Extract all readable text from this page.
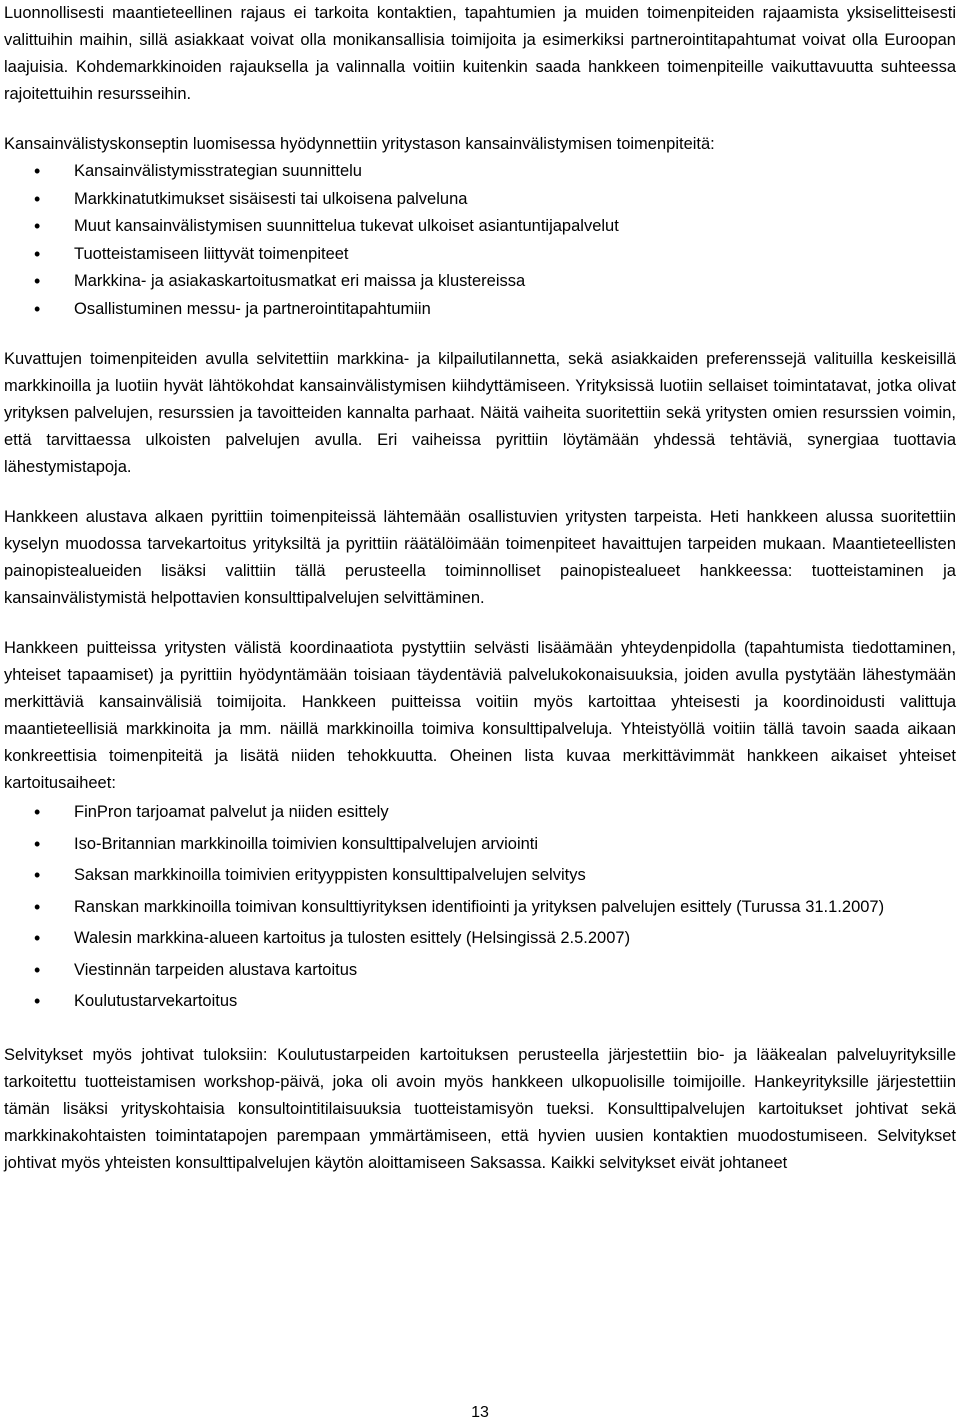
Luonnollisesti maantieteellinen rajaus ei tarkoita kontaktien, tapahtumien ja muiden toimenpiteiden rajaamista yksiselitteisesti valittuihin maihin, sillä asiakkaat voivat olla monikansallisia toimijoita ja esimerkiksi partnerointitapahtumat voivat olla Euroopan laajuisia. Kohdemarkkinoiden rajauksella ja valinnalla voitiin kuitenkin saada hankkeen toimenpiteille vaikuttavuutta suhteessa rajoitettuihin resursseihin.

Kansainvälistyskonseptin luomisessa hyödynnettiin yritystason kansainvälistymisen toimenpiteitä:

• Kansainvälistymisstrategian suunnittelu
• Markkinatutkimukset sisäisesti tai ulkoisena palveluna
• Muut kansainvälistymisen suunnittelua tukevat ulkoiset asiantuntijapalvelut
• Tuotteistamiseen liittyvät toimenpiteet
• Markkina- ja asiakaskartoitusmatkat eri maissa ja klustereissa
• Osallistuminen messu- ja partnerointitapahtumiin

Kuvattujen toimenpiteiden avulla selvitettiin markkina- ja kilpailutilannetta, sekä asiakkaiden preferenssejä valituilla keskeisillä markkinoilla ja luotiin hyvät lähtökohdat kansainvälistymisen kiihdyttämiseen. Yrityksissä luotiin sellaiset toimintatavat, jotka olivat yrityksen palvelujen, resurssien ja tavoitteiden kannalta parhaat. Näitä vaiheita suoritettiin sekä yritysten omien resurssien voimin, että tarvittaessa ulkoisten palvelujen avulla. Eri vaiheissa pyrittiin löytämään yhdessä tehtäviä, synergiaa tuottavia lähestymistapoja.

Hankkeen alustava alkaen pyrittiin toimenpiteissä lähtemään osallistuvien yritysten tarpeista. Heti hankkeen alussa suoritettiin kyselyn muodossa tarvekartoitus yrityksiltä ja pyrittiin räätälöimään toimenpiteet havaittujen tarpeiden mukaan. Maantieteellisten painopistealueiden lisäksi valittiin tällä perusteella toiminnolliset painopistealueet hankkeessa: tuotteistaminen ja kansainvälistymistä helpottavien konsulttipalvelujen selvittäminen.

Hankkeen puitteissa yritysten välistä koordinaatiota pystyttiin selvästi lisäämään yhteydenpidolla (tapahtumista tiedottaminen, yhteiset tapaamiset) ja pyrittiin hyödyntämään toisiaan täydentäviä palvelukokonaisuuksia, joiden avulla pystytään lähestymään merkittäviä kansainvälisiä toimijoita. Hankkeen puitteissa voitiin myös kartoittaa yhteisesti ja koordinoidusti valittuja maantieteellisiä markkinoita ja mm. näillä markkinoilla toimiva konsulttipalveluja. Yhteistyöllä voitiin tällä tavoin saada aikaan konkreettisia toimenpiteitä ja lisätä niiden tehokkuutta. Oheinen lista kuvaa merkittävimmät hankkeen aikaiset yhteiset kartoitusaiheet:

• FinPron tarjoamat palvelut ja niiden esittely
• Iso-Britannian markkinoilla toimivien konsulttipalvelujen arviointi
• Saksan markkinoilla toimivien erityyppisten konsulttipalvelujen selvitys
• Ranskan markkinoilla toimivan konsulttiyrityksen identifiointi ja yrityksen palvelujen esittely (Turussa 31.1.2007)
• Walesin markkina-alueen kartoitus ja tulosten esittely (Helsingissä 2.5.2007)
• Viestinnän tarpeiden alustava kartoitus
• Koulutustarvekartoitus

Selvitykset myös johtivat tuloksiin: Koulutustarpeiden kartoituksen perusteella järjestettiin bio- ja lääkealan palveluyrityksille tarkoitettu tuotteistamisen workshop-päivä, joka oli avoin myös hankkeen ulkopuolisille toimijoille. Hankeyrityksille järjestettiin tämän lisäksi yrityskohtaisia konsultointitilaisuuksia tuotteistamisyön tueksi. Konsulttipalvelujen kartoitukset johtivat sekä markkinakohtaisten toimintatapojen parempaan ymmärtämiseen, että hyvien uusien kontaktien muodostumiseen. Selvitykset johtivat myös yhteisten konsulttipalvelujen käytön aloittamiseen Saksassa. Kaikki selvitykset eivät johtaneet

13
